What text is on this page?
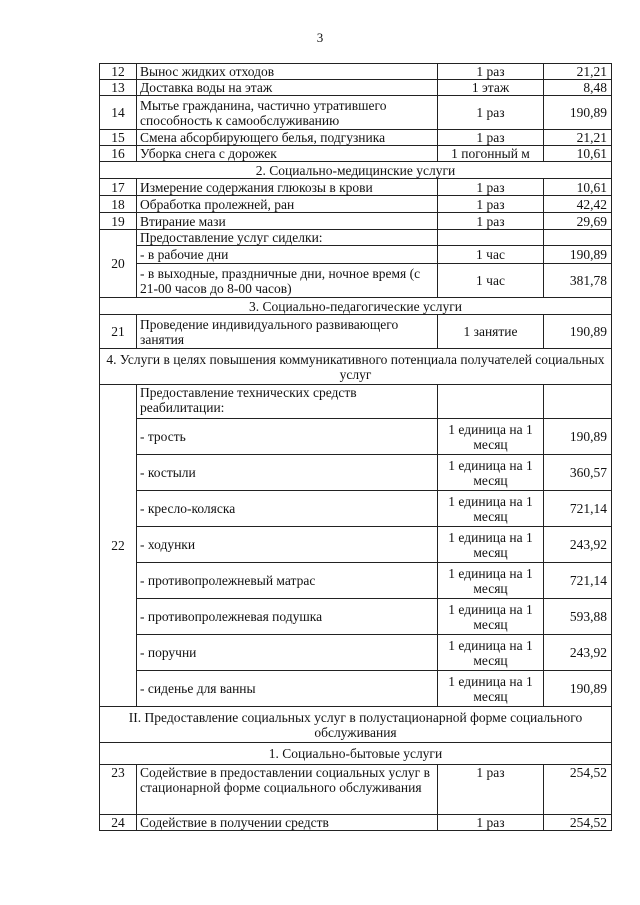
3
12	Вынос жидких отходов	1 раз	21,21
13	Доставка воды на этаж	1 этаж	8,48
14	Мытье гражданина, частично утратившего способность к самообслуживанию	1 раз	190,89
15	Смена абсорбирующего белья, подгузника	1 раз	21,21
16	Уборка снега с дорожек	1 погонный м	10,61
2. Социально-медицинские услуги			
17	Измерение содержания глюкозы в крови	1 раз	10,61
18	Обработка пролежней, ран	1 раз	42,42
19	Втирание мази	1 раз	29,69
20	Предоставление услуг сиделки:		
	- в рабочие дни	1 час	190,89
	- в выходные, праздничные дни, ночное время (с 21-00 часов до 8-00 часов)	1 час	381,78
3. Социально-педагогические услуги			
21	Проведение индивидуального развивающего занятия	1 занятие	190,89
4. Услуги в целях повышения коммуникативного потенциала получателей социальных услуг			
22	Предоставление технических средств реабилитации:		
	- трость	1 единица на 1 месяц	190,89
	- костыли	1 единица на 1 месяц	360,57
	- кресло-коляска	1 единица на 1 месяц	721,14
	- ходунки	1 единица на 1 месяц	243,92
	- противопролежневый матрас	1 единица на 1 месяц	721,14
	- противопролежневая подушка	1 единица на 1 месяц	593,88
	- поручни	1 единица на 1 месяц	243,92
	- сиденье для ванны	1 единица на 1 месяц	190,89
II. Предоставление социальных услуг в полустационарной форме социального обслуживания			
1. Социально-бытовые услуги			
23	Содействие в предоставлении социальных услуг в стационарной форме социального обслуживания	1 раз	254,52
24	Содействие в получении средств	1 раз	254,52
